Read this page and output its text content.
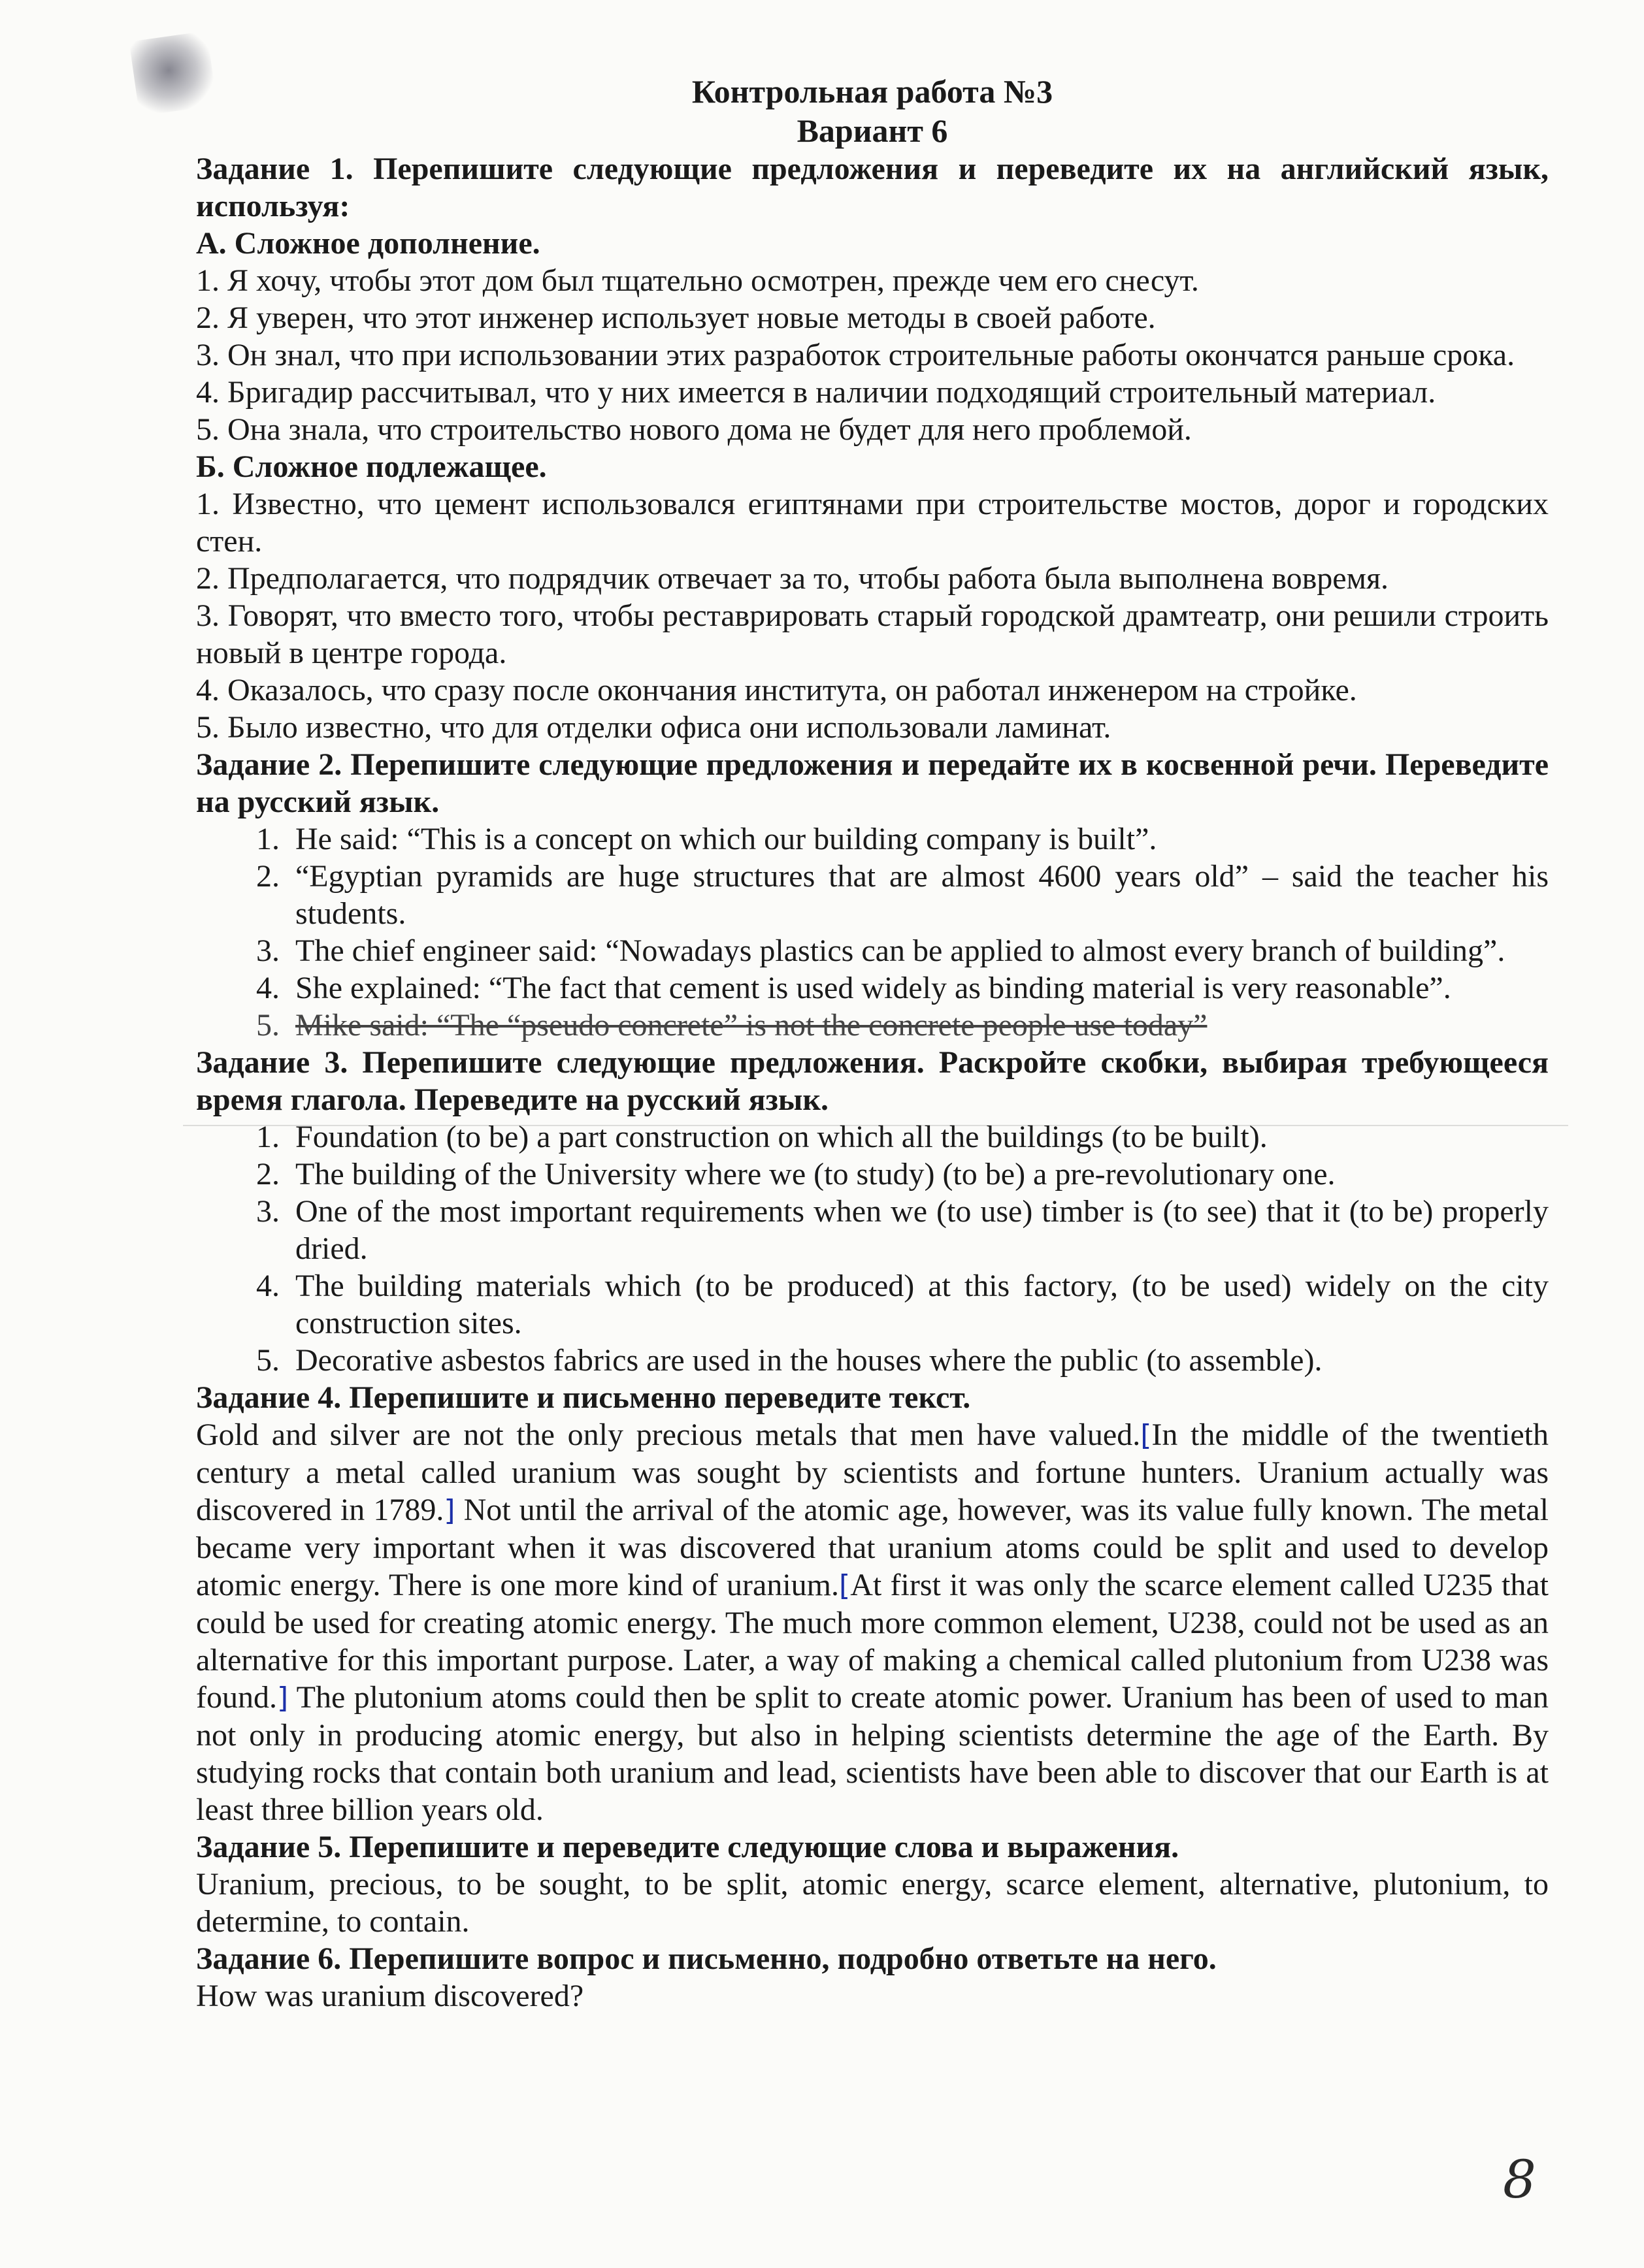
Контрольная работа №3
Вариант 6

Задание 1. Перепишите следующие предложения и переведите их на английский язык, используя:

А. Сложное дополнение.

1. Я хочу, чтобы этот дом был тщательно осмотрен, прежде чем его снесут.

2. Я уверен, что этот инженер использует новые методы в своей работе.

3. Он знал, что при использовании этих разработок строительные работы окончатся раньше срока.

4. Бригадир рассчитывал, что у них имеется в наличии подходящий строительный материал.

5. Она знала, что строительство нового дома не будет для него проблемой.

Б. Сложное подлежащее.

1. Известно, что цемент использовался египтянами при строительстве мостов, дорог и городских стен.

2. Предполагается, что подрядчик отвечает за то, чтобы работа была выполнена вовремя.

3. Говорят, что вместо того, чтобы реставрировать старый городской драмтеатр, они решили строить новый в центре города.

4. Оказалось, что сразу после окончания института, он работал инженером на стройке.

5. Было известно, что для отделки офиса они использовали ламинат.

Задание 2. Перепишите следующие предложения и передайте их в косвенной речи. Переведите на русский язык.

1. He said: “This is a concept on which our building company is built”.
2. “Egyptian pyramids are huge structures that are almost 4600 years old” – said the teacher his students.
3. The chief engineer said: “Nowadays plastics can be applied to almost every branch of building”.
4. She explained: “The fact that cement is used widely as binding material is very reasonable”.
5. Mike said: “The “pseudo concrete” is not the concrete people use today”

Задание 3. Перепишите следующие предложения. Раскройте скобки, выбирая требующееся время глагола. Переведите на русский язык.

1. Foundation (to be) a part construction on which all the buildings (to be built).
2. The building of the University where we (to study) (to be) a pre-revolutionary one.
3. One of the most important requirements when we (to use) timber is (to see) that it (to be) properly dried.
4. The building materials which (to be produced) at this factory, (to be used) widely on the city construction sites.
5. Decorative asbestos fabrics are used in the houses where the public (to assemble).

Задание 4. Перепишите и письменно переведите текст.

Gold and silver are not the only precious metals that men have valued.[In the middle of the twentieth century a metal called uranium was sought by scientists and fortune hunters. Uranium actually was discovered in 1789.] Not until the arrival of the atomic age, however, was its value fully known. The metal became very important when it was discovered that uranium atoms could be split and used to develop atomic energy. There is one more kind of uranium.[At first it was only the scarce element called U235 that could be used for creating atomic energy. The much more common element, U238, could not be used as an alternative for this important purpose. Later, a way of making a chemical called plutonium from U238 was found.] The plutonium atoms could then be split to create atomic power. Uranium has been of used to man not only in producing atomic energy, but also in helping scientists determine the age of the Earth. By studying rocks that contain both uranium and lead, scientists have been able to discover that our Earth is at least three billion years old.

Задание 5. Перепишите и переведите следующие слова и выражения.

Uranium, precious, to be sought, to be split, atomic energy, scarce element, alternative, plutonium, to determine, to contain.

Задание 6. Перепишите вопрос и письменно, подробно ответьте на него.

How was uranium discovered?

8
